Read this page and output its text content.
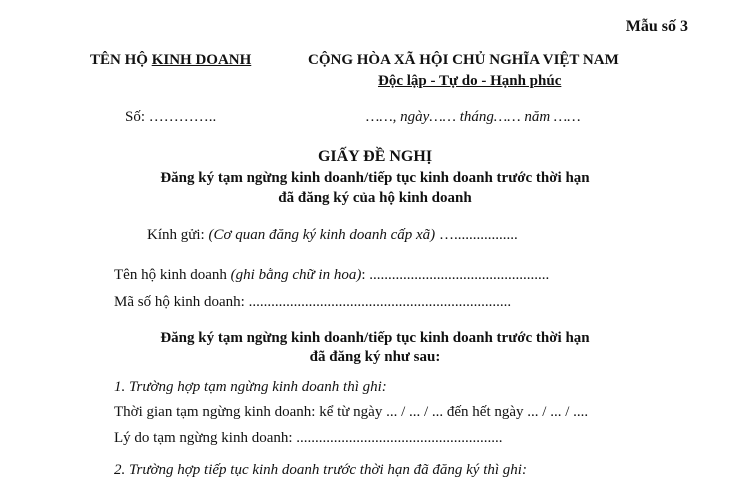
Mẫu số 3
TÊN HỘ KINH DOANH	CỘNG HÒA XÃ HỘI CHỦ NGHĨA VIỆT NAM
Độc lập - Tự do - Hạnh phúc
Số: …………..	……, ngày…… tháng…… năm ……
GIẤY ĐỀ NGHỊ
Đăng ký tạm ngừng kinh doanh/tiếp tục kinh doanh trước thời hạn
đã đăng ký của hộ kinh doanh
Kính gửi: (Cơ quan đăng ký kinh doanh cấp xã) ….................
Tên hộ kinh doanh (ghi bằng chữ in hoa): ................................................
Mã số hộ kinh doanh: ......................................................................
Đăng ký tạm ngừng kinh doanh/tiếp tục kinh doanh trước thời hạn
đã đăng ký như sau:
1. Trường hợp tạm ngừng kinh doanh thì ghi:
Thời gian tạm ngừng kinh doanh: kể từ ngày ... / ... / ... đến hết ngày ... / ... / ....
Lý do tạm ngừng kinh doanh: .......................................................
2. Trường hợp tiếp tục kinh doanh trước thời hạn đã đăng ký thì ghi:
